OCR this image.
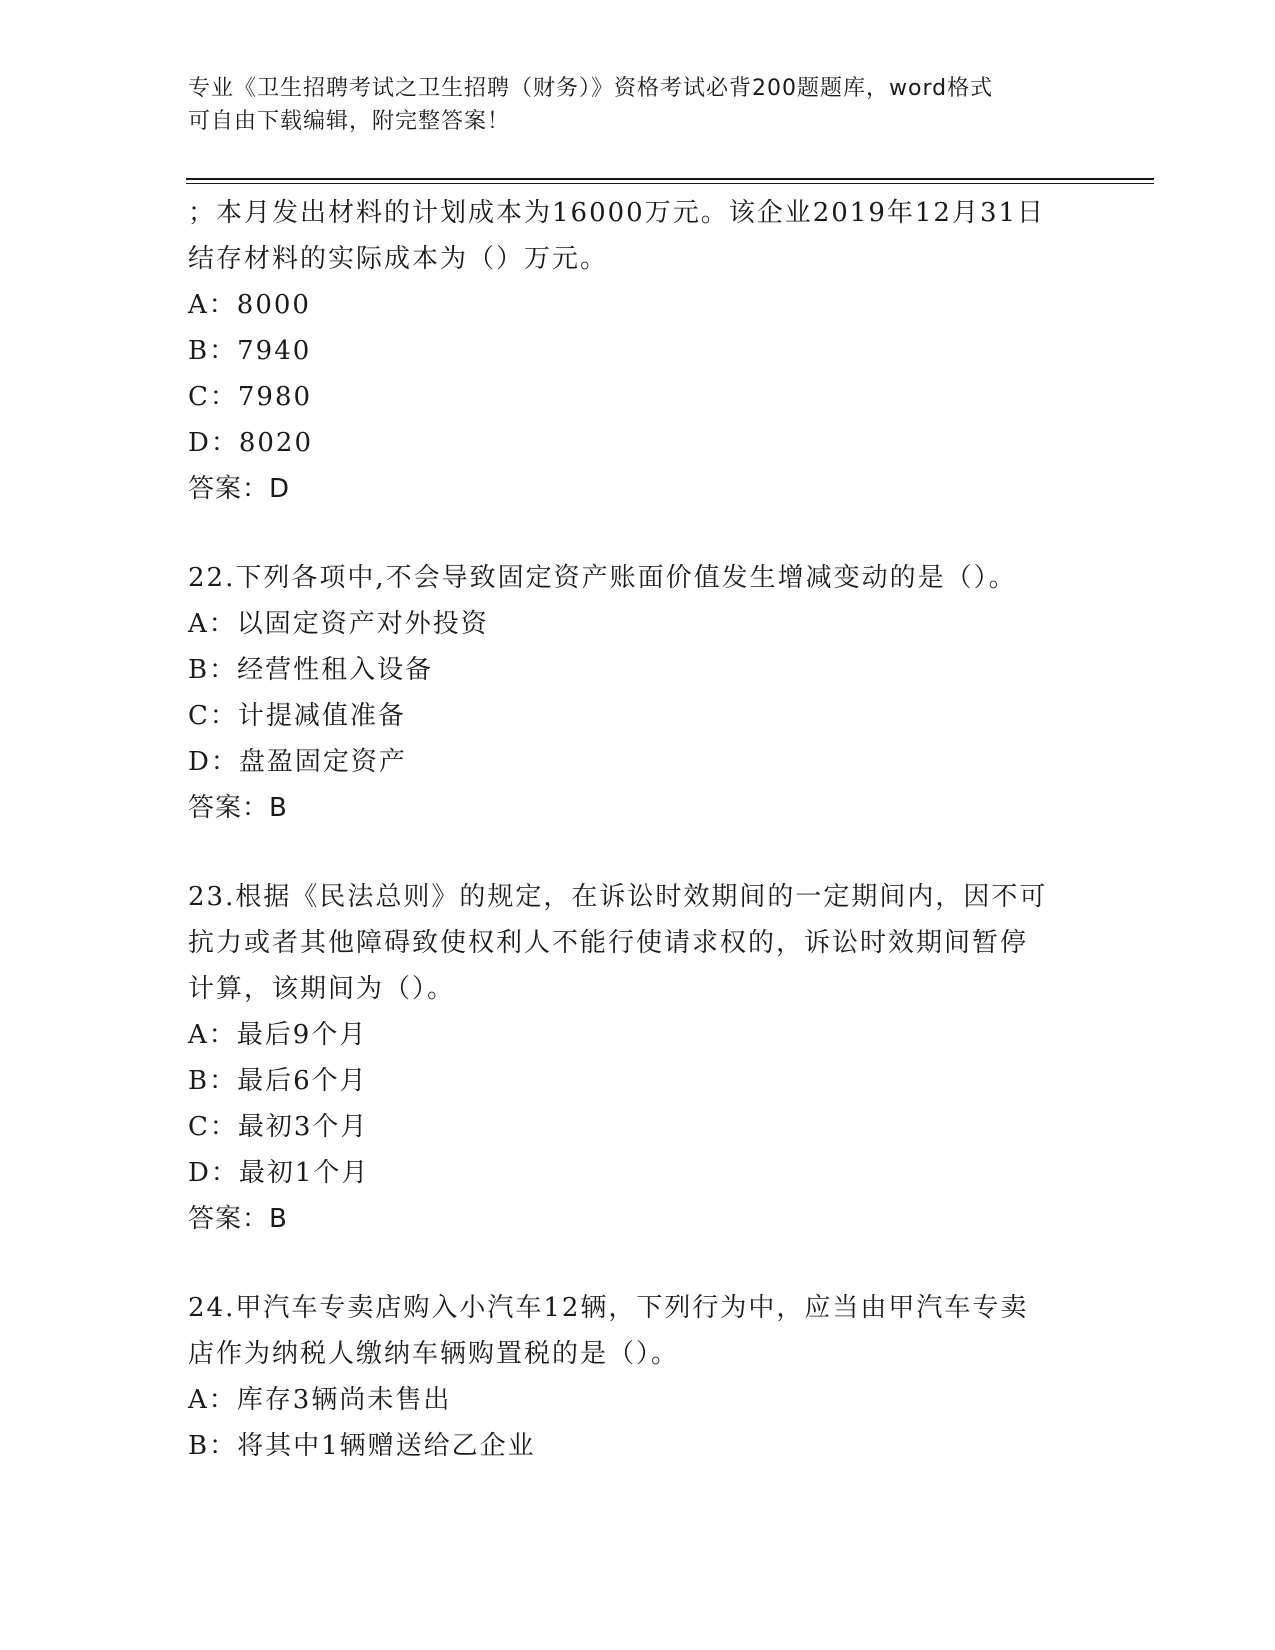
专业《卫生招聘考试之卫生招聘（财务）》资格考试必背200题题库，word格式
可自由下载编辑，附完整答案！
；本月发出材料的计划成本为16000万元。该企业2019年12月31日
结存材料的实际成本为（）万元。
A：8000
B：7940
C：7980
D：8020
答案：D
22.下列各项中,不会导致固定资产账面价值发生增减变动的是（）。
A：以固定资产对外投资
B：经营性租入设备
C：计提减值准备
D：盘盈固定资产
答案：B
23.根据《民法总则》的规定，在诉讼时效期间的一定期间内，因不可
抗力或者其他障碍致使权利人不能行使请求权的，诉讼时效期间暂停
计算，该期间为（）。
A：最后9个月
B：最后6个月
C：最初3个月
D：最初1个月
答案：B
24.甲汽车专卖店购入小汽车12辆，下列行为中，应当由甲汽车专卖
店作为纳税人缴纳车辆购置税的是（）。
A：库存3辆尚未售出
B：将其中1辆赠送给乙企业
